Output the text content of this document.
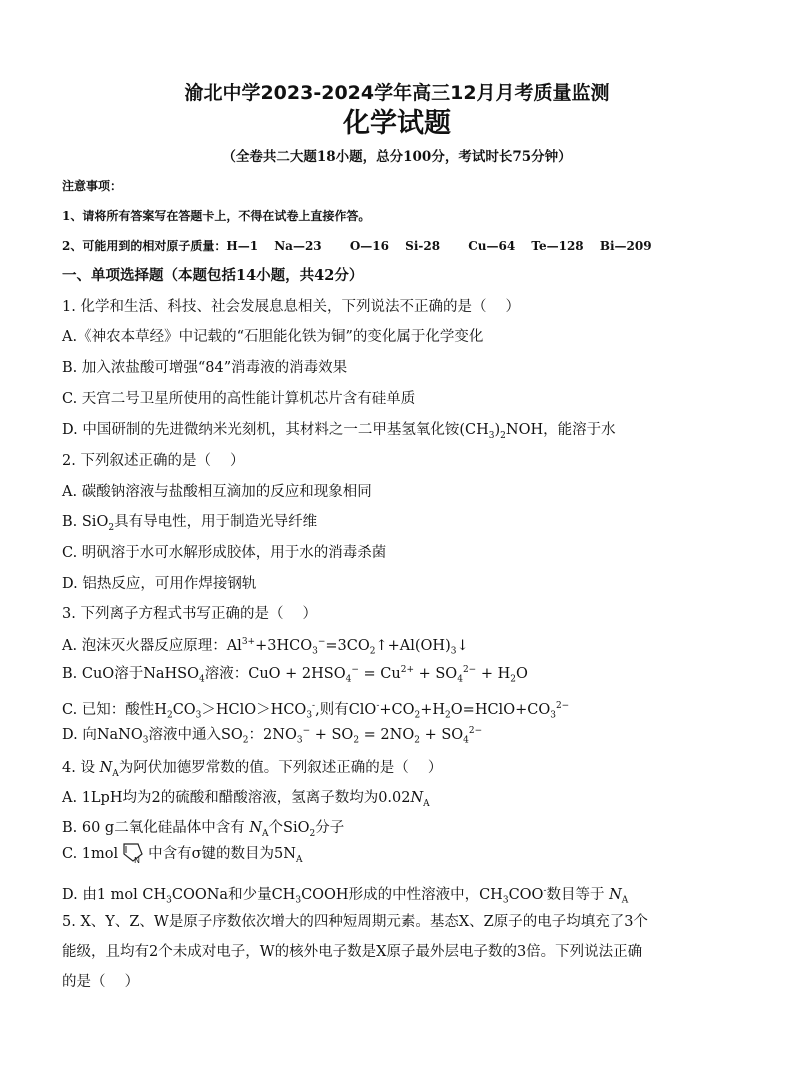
渝北中学2023-2024学年高三12月月考质量监测
化学试题
（全卷共二大题18小题，总分100分，考试时长75分钟）
注意事项：
1、请将所有答案写在答题卡上，不得在试卷上直接作答。
2、可能用到的相对原子质量：H—1　 Na—23　 　O—16　 Si-28　 　Cu—64　 Te—128　 Bi—209
一、单项选择题（本题包括14小题，共42分）
1. 化学和生活、科技、社会发展息息相关，下列说法不正确的是（　 ）
A.《神农本草经》中记载的“石胆能化铁为铜”的变化属于化学变化
B. 加入浓盐酸可增强“84”消毒液的消毒效果
C. 天宫二号卫星所使用的高性能计算机芯片含有硅单质
D. 中国研制的先进微纳米光刻机，其材料之一二甲基氢氧化铵$(CH_3)_2NOH$，能溶于水
2. 下列叙述正确的是（　 ）
A. 碳酸钠溶液与盐酸相互滴加的反应和现象相同
B. SiO$_2$具有导电性，用于制造光导纤维
C. 明矾溶于水可水解形成胶体，用于水的消毒杀菌
D. 铝热反应，可用作焊接钢轨
3. 下列离子方程式书写正确的是（　 ）
A. 泡沫灭火器反应原理：$Al^{3+}+3HCO_3^-=3CO_2↑+Al(OH)_3↓$
B. CuO溶于NaHSO$_4$溶液：CuO + $2HSO_4^- = Cu^{2+} + SO_4^{2-} + H_2O$
C. 已知：酸性$H_2CO_3>HClO>HCO_3^-$,则有$ClO^-+CO_2+H_2O=HClO+CO_3^{2-}$
D. 向NaNO$_3$溶液中通入$SO_2$：$2NO_3^- + SO_2 = 2NO_2 + SO_4^{2-}$
4. 设 $N_A$为阿伏加德罗常数的值。下列叙述正确的是（　 ）
A. 1LpH均为2的硫酸和醋酸溶液，氢离子数均为$0.02N_A$
B. 60 g二氧化硅晶体中含有 $N_A$个SiO$_2$分子
C. 1mol N 中含有σ键的数目为$5N_A$
D. 由1 mol $CH_3COONa$和少量$CH_3COOH$形成的中性溶液中，$CH_3COO^-$数目等于 $N_A$
5. X、Y、Z、W是原子序数依次增大的四种短周期元素。基态X、Z原子的电子均填充了3个
能级，且均有2个未成对电子，W的核外电子数是X原子最外层电子数的3倍。下列说法正确
的是（　 ）
